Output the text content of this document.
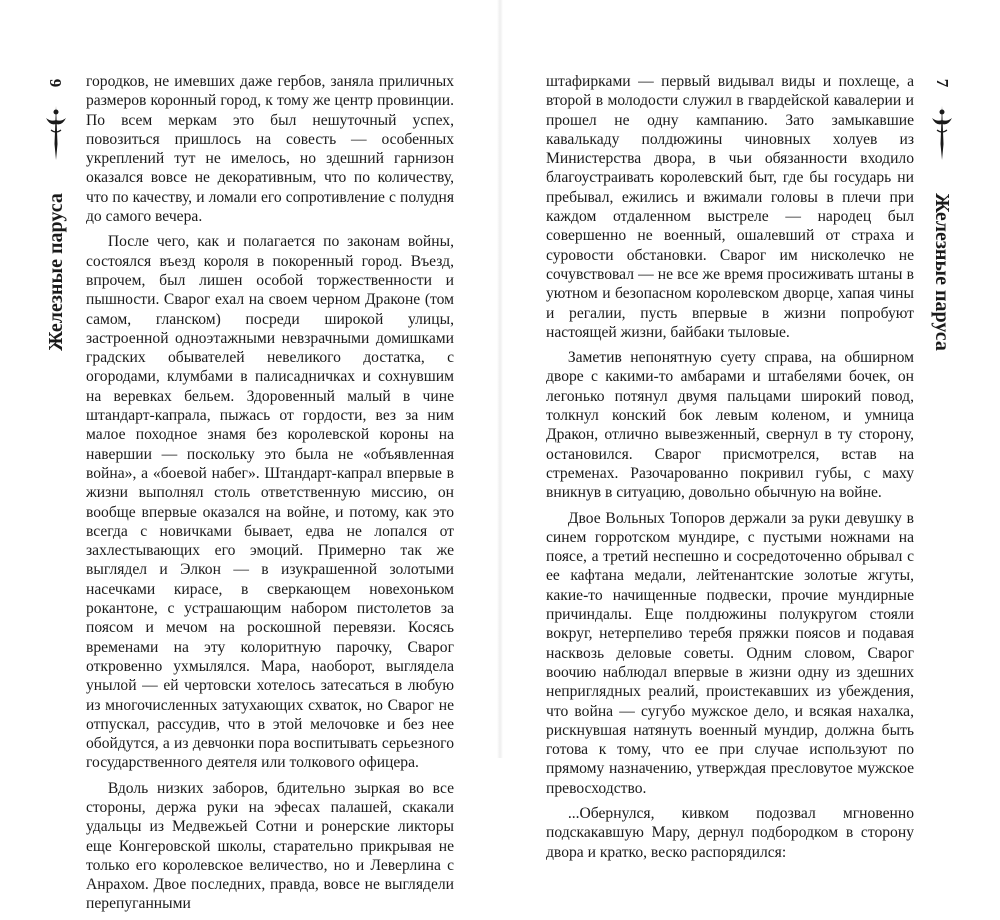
6
Железные паруса

городков, не имевших даже гербов, заняла приличных размеров коронный город, к тому же центр провинции. По всем меркам это был нешуточный успех, повозиться пришлось на совесть — особенных укреплений тут не имелось, но здешний гарнизон оказался вовсе не декоративным, что по количеству, что по качеству, и ломали его сопротивление с полудня до самого вечера.

После чего, как и полагается по законам войны, состоялся въезд короля в покоренный город. Въезд, впрочем, был лишен особой торжественности и пышности. Сварог ехал на своем черном Драконе (том самом, гланском) посреди широкой улицы, застроенной одноэтажными невзрачными домишками градских обывателей невеликого достатка, с огородами, клумбами в палисадничках и сохнувшим на веревках бельем. Здоровенный малый в чине штандарт-капрала, пыжась от гордости, вез за ним малое походное знамя без королевской короны на навершии — поскольку это была не «объявленная война», а «боевой набег». Штандарт-капрал впервые в жизни выполнял столь ответственную миссию, он вообще впервые оказался на войне, и потому, как это всегда с новичками бывает, едва не лопался от захлестывающих его эмоций. Примерно так же выглядел и Элкон — в изукрашенной золотыми насечками кирасе, в сверкающем новехоньком рокантоне, с устрашающим набором пистолетов за поясом и мечом на роскошной перевязи. Косясь временами на эту колоритную парочку, Сварог откровенно ухмылялся. Мара, наоборот, выглядела унылой — ей чертовски хотелось затесаться в любую из многочисленных затухающих схваток, но Сварог не отпускал, рассудив, что в этой мелочовке и без нее обойдутся, а из девчонки пора воспитывать серьезного государственного деятеля или толкового офицера.

Вдоль низких заборов, бдительно зыркая во все стороны, держа руки на эфесах палашей, скакали удальцы из Медвежьей Сотни и ронерские ликторы еще Конгеровской школы, старательно прикрывая не только его королевское величество, но и Леверлина с Анрахом. Двое последних, правда, вовсе не выглядели перепуганными

штафирками — первый видывал виды и похлеще, а второй в молодости служил в гвардейской кавалерии и прошел не одну кампанию. Зато замыкавшие кавалькаду полдюжины чиновных холуев из Министерства двора, в чьи обязанности входило благоустраивать королевский быт, где бы государь ни пребывал, ежились и вжимали головы в плечи при каждом отдаленном выстреле — народец был совершенно не военный, ошалевший от страха и суровости обстановки. Сварог им нисколечко не сочувствовал — не все же время просиживать штаны в уютном и безопасном королевском дворце, хапая чины и регалии, пусть впервые в жизни попробуют настоящей жизни, байбаки тыловые.

Заметив непонятную суету справа, на обширном дворе с какими-то амбарами и штабелями бочек, он легонько потянул двумя пальцами широкий повод, толкнул конский бок левым коленом, и умница Дракон, отлично вывезженный, свернул в ту сторону, остановился. Сварог присмотрелся, встав на стременах. Разочарованно покривил губы, с маху вникнув в ситуацию, довольно обычную на войне.

Двое Вольных Топоров держали за руки девушку в синем горротском мундире, с пустыми ножнами на поясе, а третий неспешно и сосредоточенно обрывал с ее кафтана медали, лейтенантские золотые жгуты, какие-то начищенные подвески, прочие мундирные причиндалы. Еще полдюжины полукругом стояли вокруг, нетерпеливо теребя пряжки поясов и подавая насквозь деловые советы. Одним словом, Сварог воочию наблюдал впервые в жизни одну из здешних неприглядных реалий, проистекавших из убеждения, что война — сугубо мужское дело, и всякая нахалка, рискнувшая натянуть военный мундир, должна быть готова к тому, что ее при случае используют по прямому назначению, утверждая пресловутое мужское превосходство.

...Обернулся, кивком подозвал мгновенно подскакавшую Мару, дернул подбородком в сторону двора и кратко, веско распорядился:

7
Железные паруса
